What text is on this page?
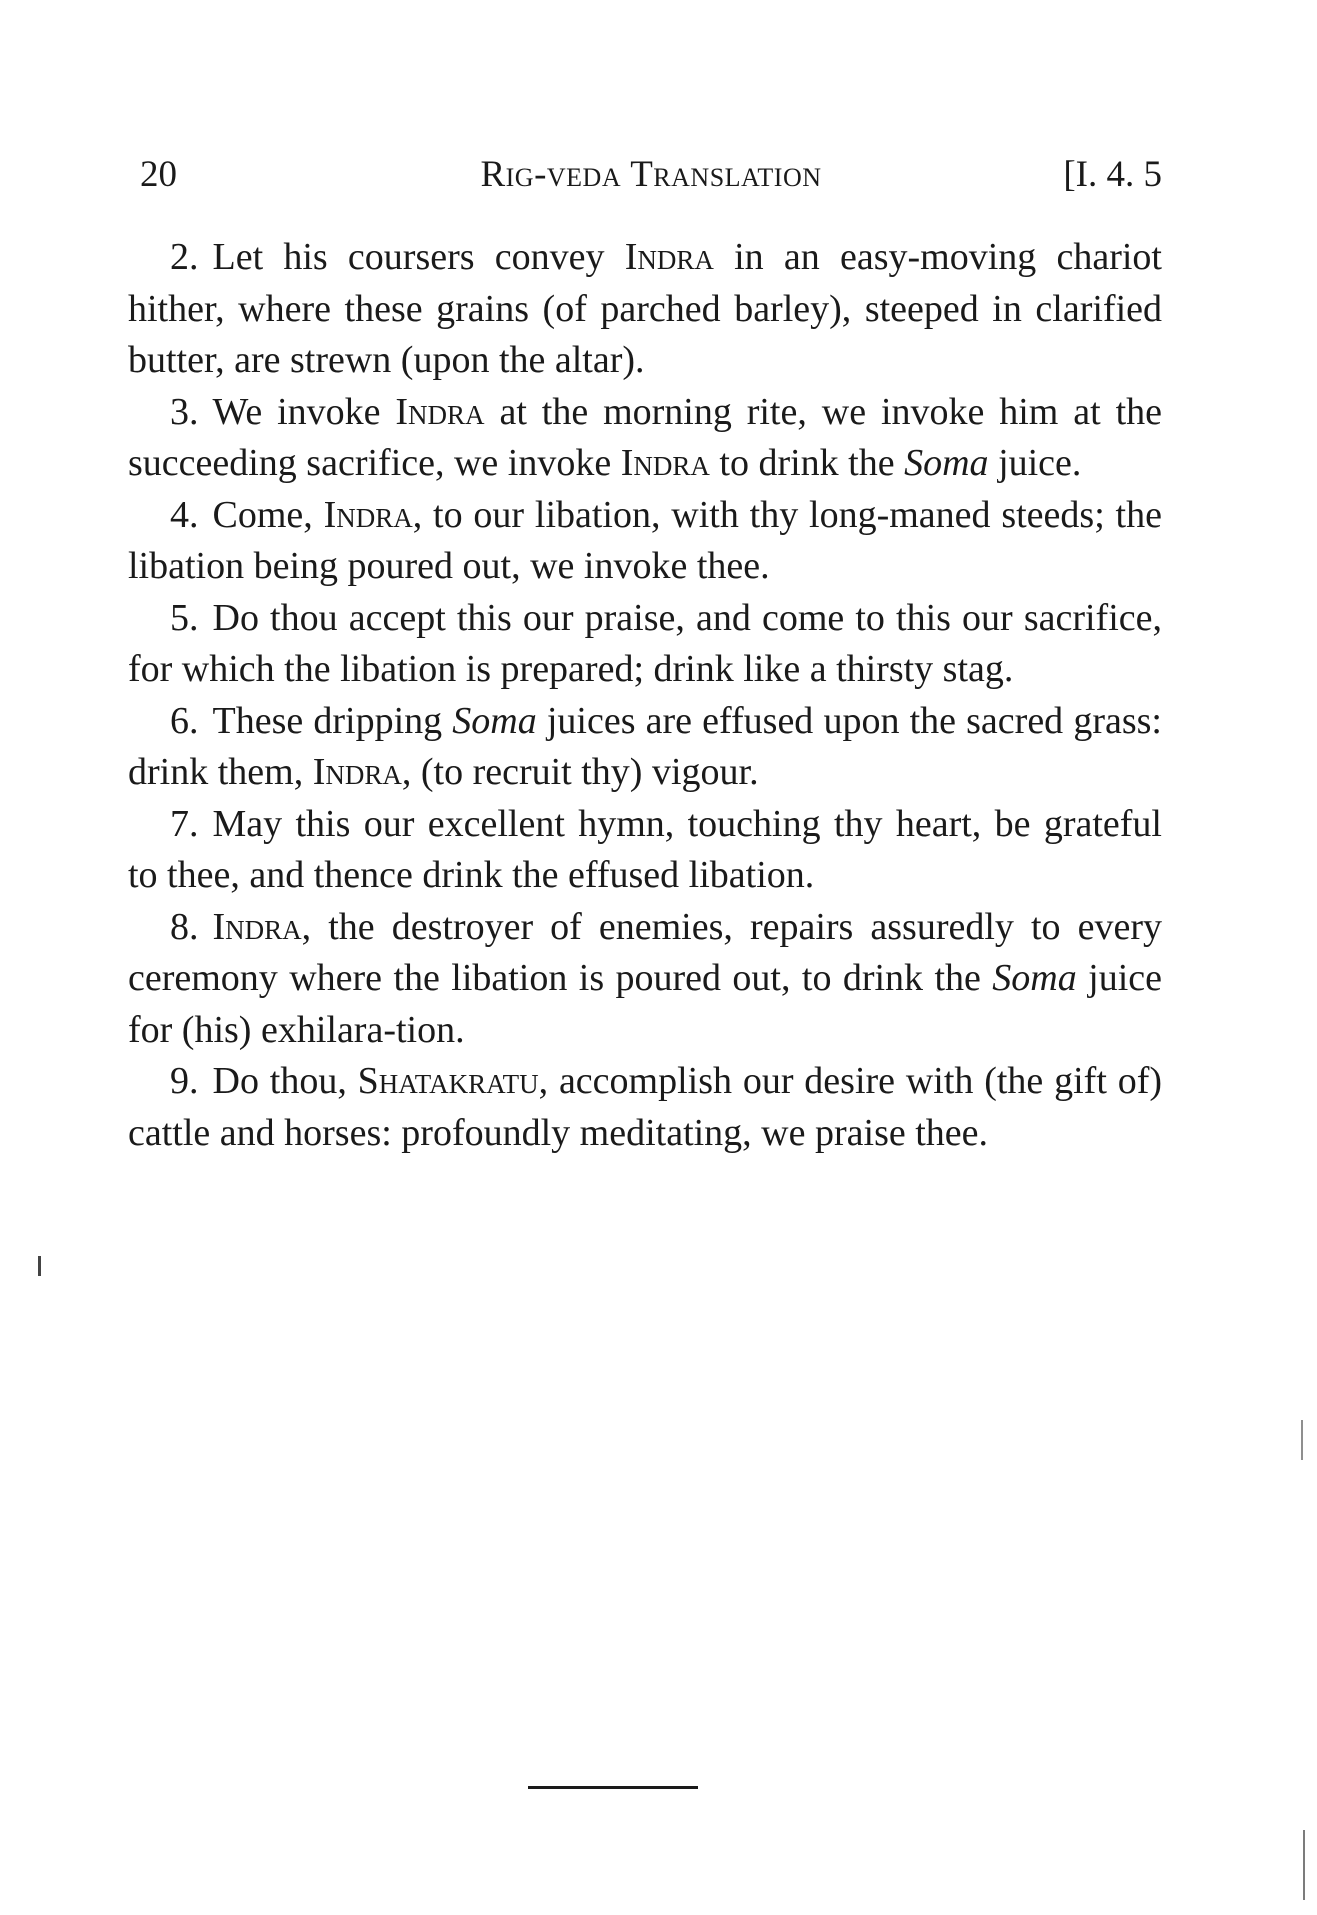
20	Rig-veda Translation	[I. 4. 5

2. Let his coursers convey Indra in an easy-moving chariot hither, where these grains (of parched barley), steeped in clarified butter, are strewn (upon the altar).

3. We invoke Indra at the morning rite, we invoke him at the succeeding sacrifice, we invoke Indra to drink the Soma juice.

4. Come, Indra, to our libation, with thy long-maned steeds; the libation being poured out, we invoke thee.

5. Do thou accept this our praise, and come to this our sacrifice, for which the libation is prepared; drink like a thirsty stag.

6. These dripping Soma juices are effused upon the sacred grass: drink them, Indra, (to recruit thy) vigour.

7. May this our excellent hymn, touching thy heart, be grateful to thee, and thence drink the effused libation.

8. Indra, the destroyer of enemies, repairs assuredly to every ceremony where the libation is poured out, to drink the Soma juice for (his) exhilara-tion.

9. Do thou, Shatakratu, accomplish our desire with (the gift of) cattle and horses: profoundly meditating, we praise thee.
